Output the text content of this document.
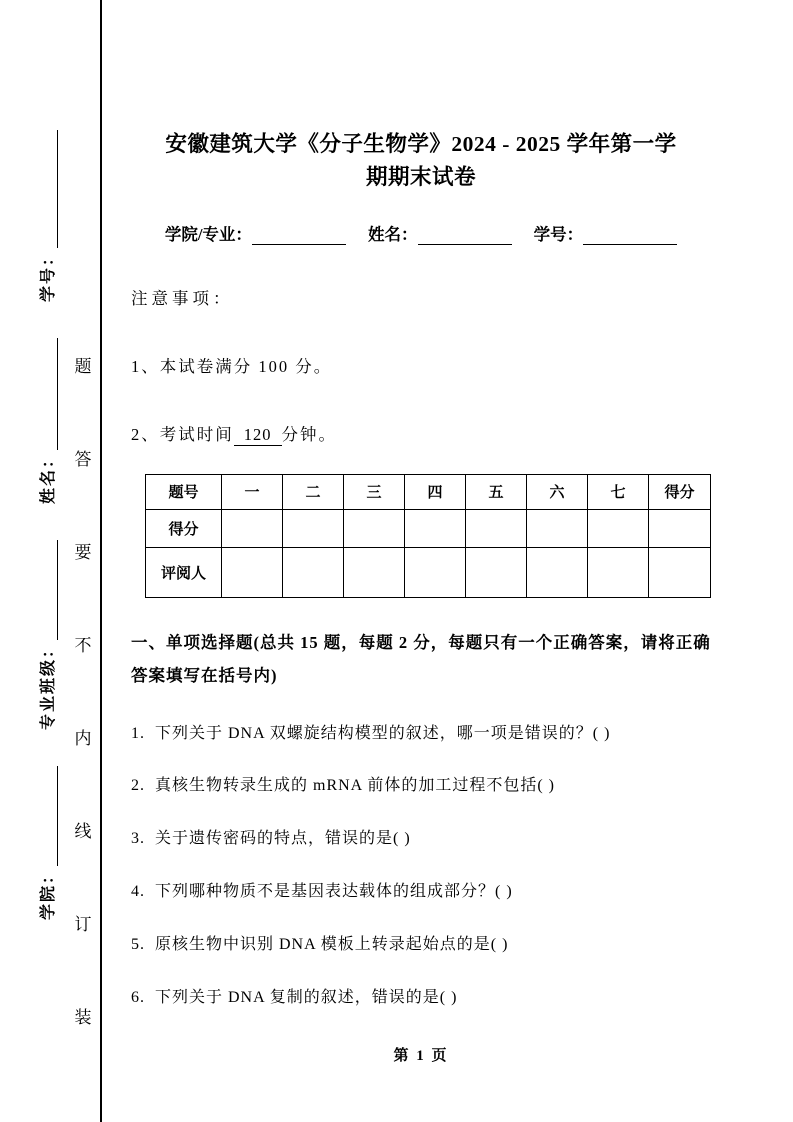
学院：
专业班级：
姓名：
学号：
装
订
线
内
不
要
答
题
安徽建筑大学《分子生物学》2024 - 2025 学年第一学期期末试卷
学院/专业：	姓名：	学号：
注意事项：
1、本试卷满分 100 分。
2、考试时间 120 分钟。
题号	一	二	三	四	五	六	七	得分
得分								
评阅人								
一、单项选择题(总共 15 题，每题 2 分，每题只有一个正确答案，请将正确答案填写在括号内)
1. 下列关于 DNA 双螺旋结构模型的叙述，哪一项是错误的？( )
2. 真核生物转录生成的 mRNA 前体的加工过程不包括( )
3. 关于遗传密码的特点，错误的是( )
4. 下列哪种物质不是基因表达载体的组成部分？( )
5. 原核生物中识别 DNA 模板上转录起始点的是( )
6. 下列关于 DNA 复制的叙述，错误的是( )
第 1 页
